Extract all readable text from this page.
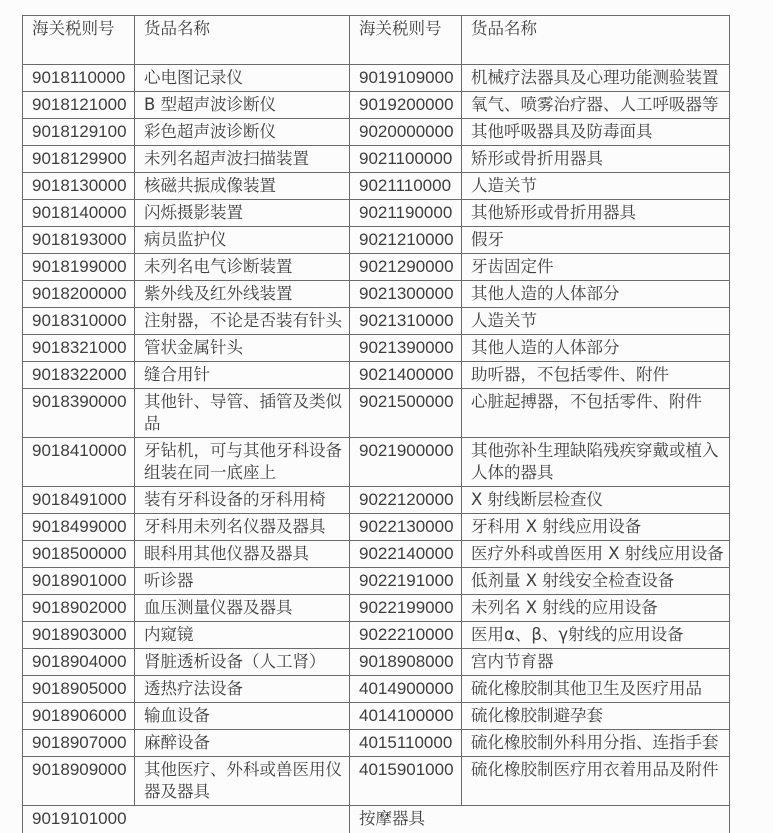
海关税则号	货品名称	海关税则号	货品名称
9018110000	心电图记录仪	9019109000	机械疗法器具及心理功能测验装置
9018121000	B 型超声波诊断仪	9019200000	氧气、喷雾治疗器、人工呼吸器等
9018129100	彩色超声波诊断仪	9020000000	其他呼吸器具及防毒面具
9018129900	未列名超声波扫描装置	9021100000	矫形或骨折用器具
9018130000	核磁共振成像装置	9021110000	人造关节
9018140000	闪烁摄影装置	9021190000	其他矫形或骨折用器具
9018193000	病员监护仪	9021210000	假牙
9018199000	未列名电气诊断装置	9021290000	牙齿固定件
9018200000	紫外线及红外线装置	9021300000	其他人造的人体部分
9018310000	注射器，不论是否装有针头	9021310000	人造关节
9018321000	管状金属针头	9021390000	其他人造的人体部分
9018322000	缝合用针	9021400000	助听器，不包括零件、附件
9018390000	其他针、导管、插管及类似品	9021500000	心脏起搏器，不包括零件、附件
9018410000	牙钻机，可与其他牙科设备组装在同一底座上	9021900000	其他弥补生理缺陷残疾穿戴或植入人体的器具
9018491000	装有牙科设备的牙科用椅	9022120000	X 射线断层检查仪
9018499000	牙科用未列名仪器及器具	9022130000	牙科用 X 射线应用设备
9018500000	眼科用其他仪器及器具	9022140000	医疗外科或兽医用 X 射线应用设备
9018901000	听诊器	9022191000	低剂量 X 射线安全检查设备
9018902000	血压测量仪器及器具	9022199000	未列名 X 射线的应用设备
9018903000	内窥镜	9022210000	医用α、β、γ射线的应用设备
9018904000	肾脏透析设备（人工肾）	9018908000	宫内节育器
9018905000	透热疗法设备	4014900000	硫化橡胶制其他卫生及医疗用品
9018906000	输血设备	4014100000	硫化橡胶制避孕套
9018907000	麻醉设备	4015110000	硫化橡胶制外科用分指、连指手套
9018909000	其他医疗、外科或兽医用仪器及器具	4015901000	硫化橡胶制医疗用衣着用品及附件
9019101000		按摩器具	
